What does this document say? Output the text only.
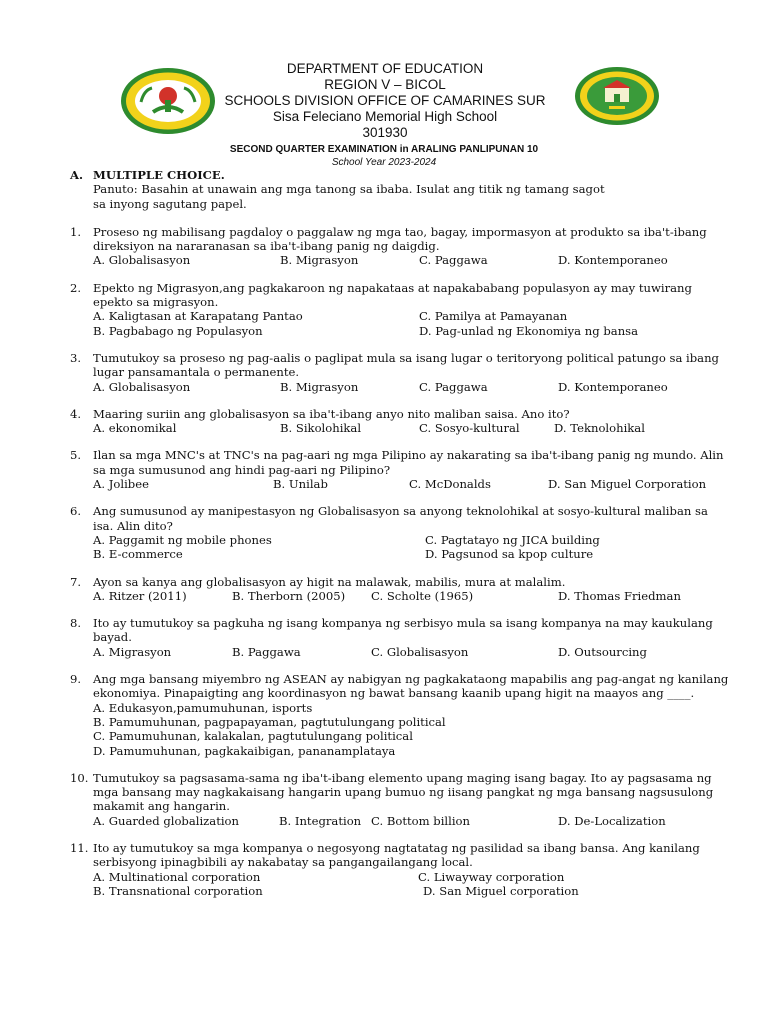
DEPARTMENT OF EDUCATION
REGION V – BICOL
SCHOOLS DIVISION OFFICE OF CAMARINES SUR
Sisa Feleciano Memorial High School
301930
SECOND QUARTER EXAMINATION in ARALING PANLIPUNAN 10
School Year 2023-2024
A. MULTIPLE CHOICE.
Panuto: Basahin at unawain ang mga tanong sa ibaba. Isulat ang titik ng tamang sagot
sa inyong sagutang papel.
1. Proseso ng mabilisang pagdaloy o paggalaw ng mga tao, bagay, impormasyon at produkto sa iba't-ibang direksiyon na nararanasan sa iba't-ibang panig ng daigdig.
A. Globalisasyon	B. Migrasyon	C. Paggawa	D. Kontemporaneo
2. Epekto ng Migrasyon,ang pagkakaroon ng napakataas at napakababang populasyon ay may tuwirang epekto sa migrasyon.
A. Kaligtasan at Karapatang Pantao	C. Pamilya at Pamayanan
B. Pagbabago ng Populasyon	D. Pag-unlad ng Ekonomiya ng bansa
3. Tumutukoy sa proseso ng pag-aalis o paglipat mula sa isang lugar o teritoryong political patungo sa ibang lugar pansamantala o permanente.
A. Globalisasyon	B. Migrasyon	C. Paggawa	D. Kontemporaneo
4. Maaring suriin ang globalisasyon sa iba't-ibang anyo nito maliban saisa. Ano ito?
A. ekonomikal	B. Sikolohikal	C. Sosyo-kultural	D. Teknolohikal
5. Ilan sa mga MNC's at TNC's na pag-aari ng mga Pilipino ay nakarating sa iba't-ibang panig ng mundo. Alin sa mga sumusunod ang hindi pag-aari ng Pilipino?
A. Jolibee	B. Unilab	C. McDonalds	D. San Miguel Corporation
6. Ang sumusunod ay manipestasyon ng Globalisasyon sa anyong teknolohikal at sosyo-kultural maliban sa isa. Alin dito?
A. Paggamit ng mobile phones	C. Pagtatayo ng JICA building
B. E-commerce	D. Pagsunod sa kpop culture
7. Ayon sa kanya ang globalisasyon ay higit na malawak, mabilis, mura at malalim.
A. Ritzer (2011)	B. Therborn (2005) C. Scholte (1965)	D. Thomas Friedman
8. Ito ay tumutukoy sa pagkuha ng isang kompanya ng serbisyo mula sa isang kompanya na may kaukulang bayad.
A. Migrasyon	B. Paggawa	C. Globalisasyon	D. Outsourcing
9. Ang mga bansang miyembro ng ASEAN ay nabigyan ng pagkakataong mapabilis ang pag-angat ng kanilang ekonomiya. Pinapaigting ang koordinasyon ng bawat bansang kaanib upang higit na maayos ang ____.
A. Edukasyon,pamumuhunan, isports
B. Pamumuhunan, pagpapayaman, pagtutulungang political
C. Pamumuhunan, kalakalan, pagtutulungang political
D. Pamumuhunan, pagkakaibigan, pananamplataya
10. Tumutukoy sa pagsasama-sama ng iba't-ibang elemento upang maging isang bagay. Ito ay pagsasama ng mga bansang may nagkakaisang hangarin upang bumuo ng iisang pangkat ng mga bansang nagsusulong makamit ang hangarin.
A. Guarded globalization	B. Integration C. Bottom billion	D. De-Localization
11. Ito ay tumutukoy sa mga kompanya o negosyong nagtatatag ng pasilidad sa ibang bansa. Ang kanilang serbisyong ipinagbibili ay nakabatay sa pangangailangang local.
A. Multinational corporation	C. Liwayway corporation
B. Transnational corporation	D. San Miguel corporation
